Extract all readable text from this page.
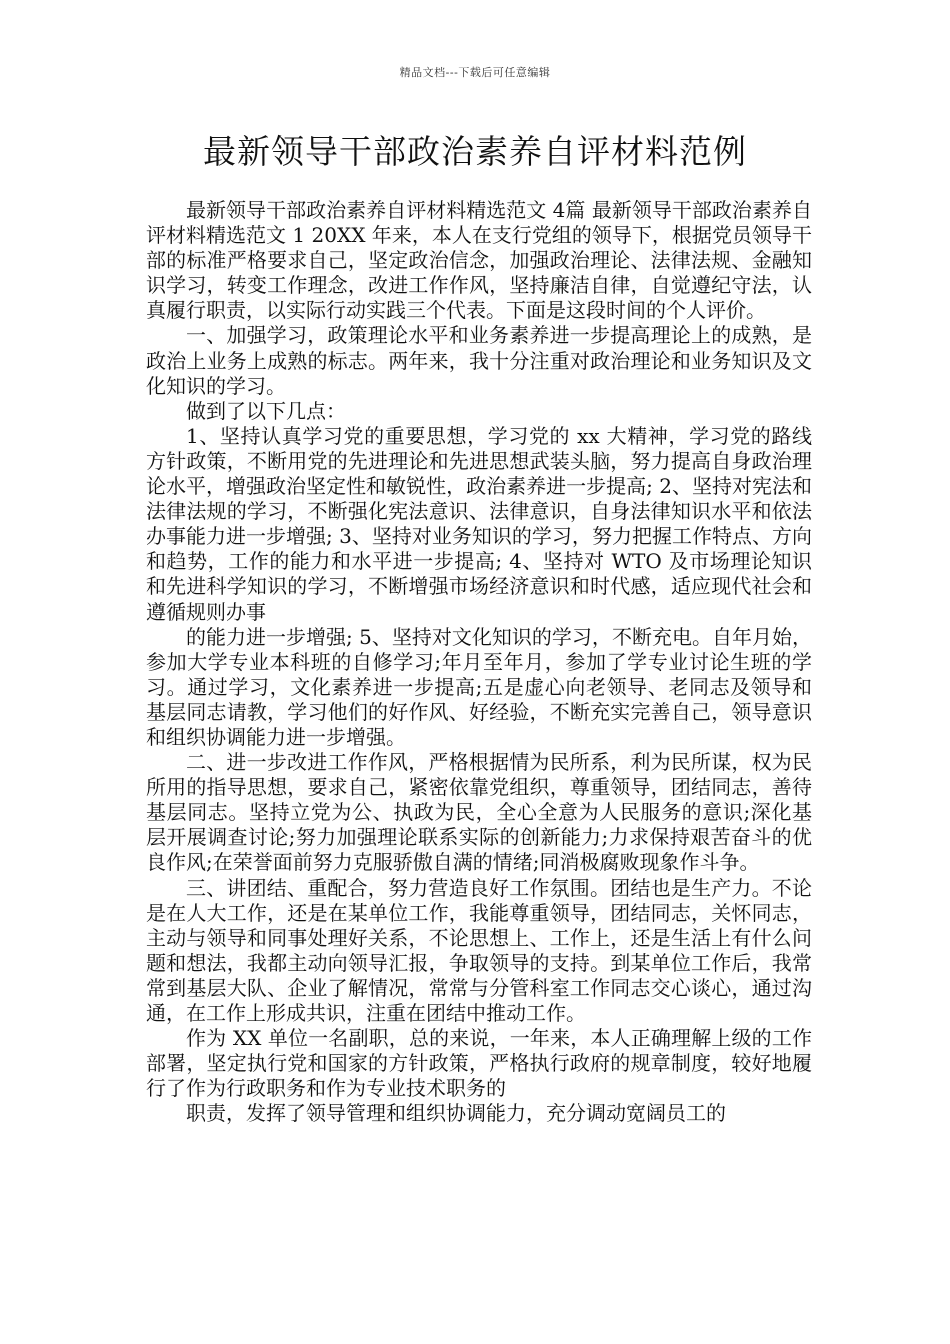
精品文档---下载后可任意编辑
最新领导干部政治素养自评材料范例

最新领导干部政治素养自评材料精选范文 4篇 最新领导干部政治素养自评材料精选范文 1 20XX 年来，本人在支行党组的领导下，根据党员领导干部的标准严格要求自己，坚定政治信念，加强政治理论、法律法规、金融知识学习，转变工作理念，改进工作作风，坚持廉洁自律，自觉遵纪守法，认真履行职责，以实际行动实践三个代表。下面是这段时间的个人评价。

一、加强学习，政策理论水平和业务素养进一步提高理论上的成熟，是政治上业务上成熟的标志。两年来，我十分注重对政治理论和业务知识及文化知识的学习。

做到了以下几点：

1、坚持认真学习党的重要思想，学习党的 xx 大精神，学习党的路线方针政策，不断用党的先进理论和先进思想武装头脑，努力提高自身政治理论水平，增强政治坚定性和敏锐性，政治素养进一步提高; 2、坚持对宪法和法律法规的学习，不断强化宪法意识、法律意识，自身法律知识水平和依法办事能力进一步增强; 3、坚持对业务知识的学习，努力把握工作特点、方向和趋势，工作的能力和水平进一步提高; 4、坚持对 WTO 及市场理论知识和先进科学知识的学习，不断增强市场经济意识和时代感，适应现代社会和遵循规则办事

的能力进一步增强; 5、坚持对文化知识的学习，不断充电。自年月始，参加大学专业本科班的自修学习;年月至年月，参加了学专业讨论生班的学习。通过学习，文化素养进一步提高;五是虚心向老领导、老同志及领导和基层同志请教，学习他们的好作风、好经验，不断充实完善自己，领导意识和组织协调能力进一步增强。

二、进一步改进工作作风，严格根据情为民所系，利为民所谋，权为民所用的指导思想，要求自己，紧密依靠党组织，尊重领导，团结同志，善待基层同志。坚持立党为公、执政为民，全心全意为人民服务的意识;深化基层开展调查讨论;努力加强理论联系实际的创新能力;力求保持艰苦奋斗的优良作风;在荣誉面前努力克服骄傲自满的情绪;同消极腐败现象作斗争。

三、讲团结、重配合，努力营造良好工作氛围。团结也是生产力。不论是在人大工作，还是在某单位工作，我能尊重领导，团结同志，关怀同志，主动与领导和同事处理好关系，不论思想上、工作上，还是生活上有什么问题和想法，我都主动向领导汇报，争取领导的支持。到某单位工作后，我常常到基层大队、企业了解情况，常常与分管科室工作同志交心谈心，通过沟通，在工作上形成共识，注重在团结中推动工作。

作为 XX 单位一名副职，总的来说，一年来，本人正确理解上级的工作部署，坚定执行党和国家的方针政策，严格执行政府的规章制度，较好地履行了作为行政职务和作为专业技术职务的

职责，发挥了领导管理和组织协调能力，充分调动宽阔员工的
